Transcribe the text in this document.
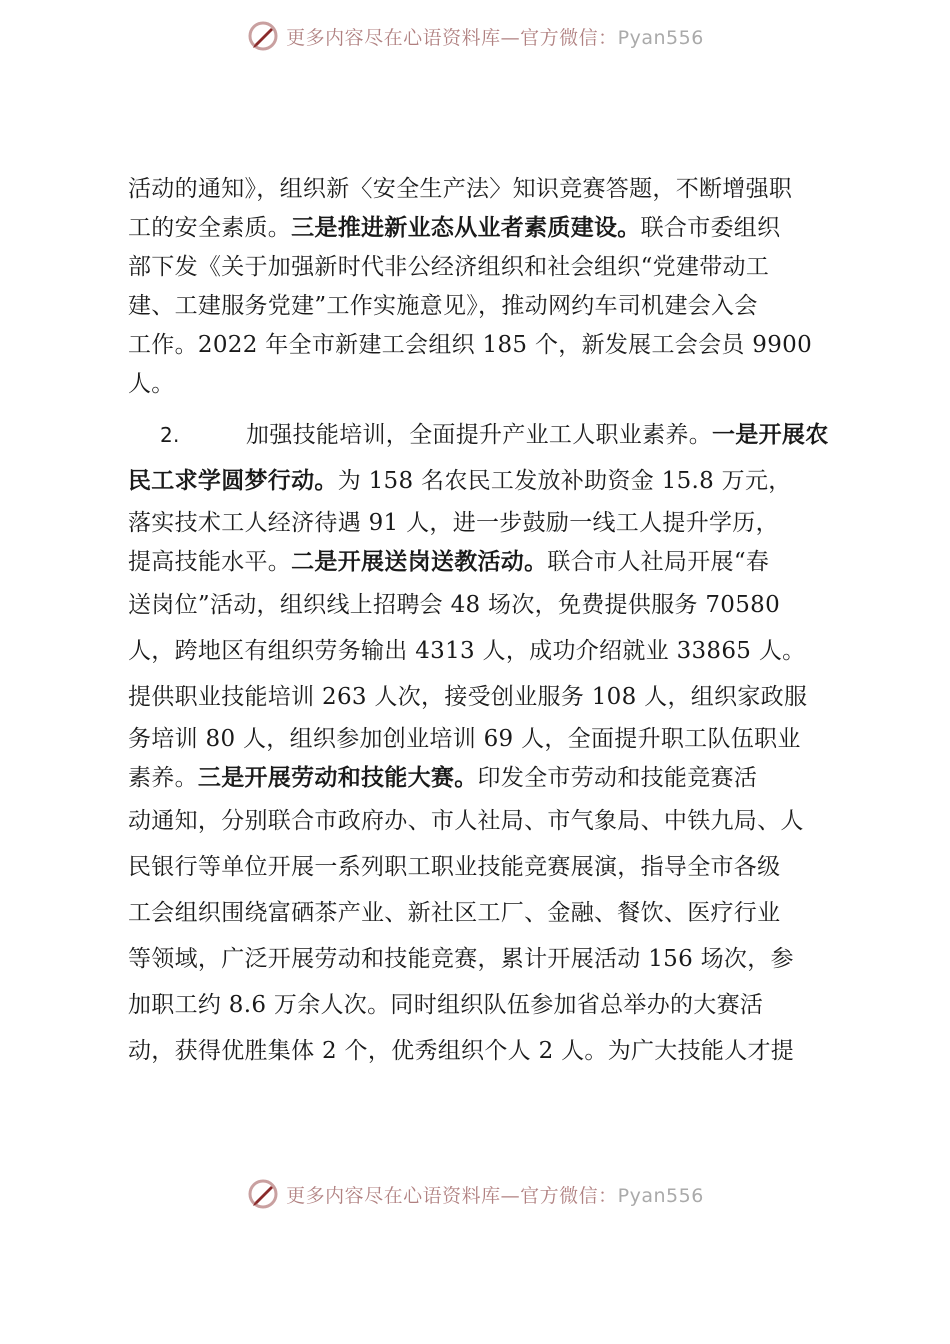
更多内容尽在心语资料库—官方微信：Pyan556
活动的通知》，组织新〈安全生产法〉知识竞赛答题，不断增强职
工的安全素质。三是推进新业态从业者素质建设。联合市委组织
部下发《关于加强新时代非公经济组织和社会组织“党建带动工
建、工建服务党建”工作实施意见》，推动网约车司机建会入会
工作。2022 年全市新建工会组织 185 个，新发展工会会员 9900
人。
2.	加强技能培训，全面提升产业工人职业素养。一是开展农
民工求学圆梦行动。为 158 名农民工发放补助资金 15.8 万元，
落实技术工人经济待遇 91 人，进一步鼓励一线工人提升学历，
提高技能水平。二是开展送岗送教活动。联合市人社局开展“春
送岗位”活动，组织线上招聘会 48 场次，免费提供服务 70580
人，跨地区有组织劳务输出 4313 人，成功介绍就业 33865 人。
提供职业技能培训 263 人次，接受创业服务 108 人，组织家政服
务培训 80 人，组织参加创业培训 69 人，全面提升职工队伍职业
素养。三是开展劳动和技能大赛。印发全市劳动和技能竞赛活
动通知，分别联合市政府办、市人社局、市气象局、中铁九局、人
民银行等单位开展一系列职工职业技能竞赛展演，指导全市各级
工会组织围绕富硒茶产业、新社区工厂、金融、餐饮、医疗行业
等领域，广泛开展劳动和技能竞赛，累计开展活动 156 场次，参
加职工约 8.6 万余人次。同时组织队伍参加省总举办的大赛活
动，获得优胜集体 2 个，优秀组织个人 2 人。为广大技能人才提
更多内容尽在心语资料库—官方微信：Pyan556
